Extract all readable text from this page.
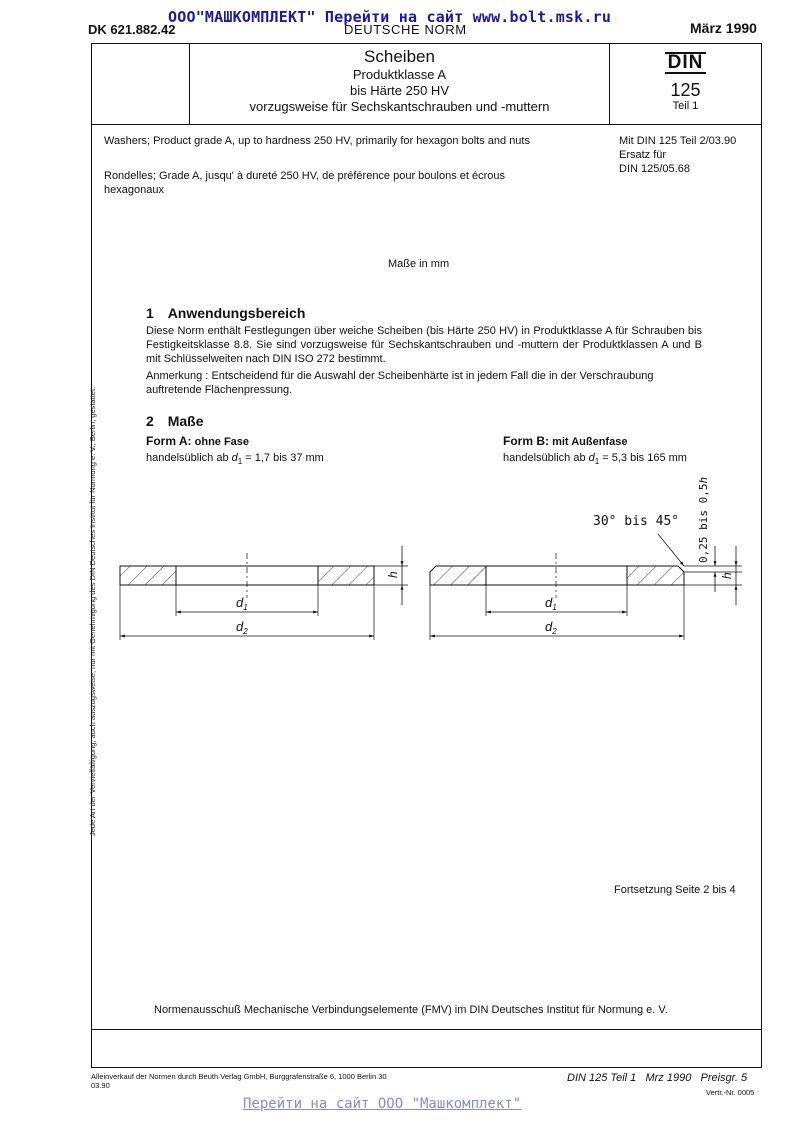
ООО"МАШКОМПЛЕКТ" Перейти на сайт www.bolt.msk.ru
DK 621.882.42	DEUTSCHE NORM	März 1990
Scheiben
Produktklasse A
bis Härte 250 HV
vorzugsweise für Sechskantschrauben und -muttern
DIN
125
Teil 1
Washers; Product grade A, up to hardness 250 HV, primarily for hexagon bolts and nuts
Rondelles; Grade A, jusqu' à dureté 250 HV, de préférence pour boulons et écrous hexagonaux
Mit DIN 125 Teil 2/03.90
Ersatz für
DIN 125/05.68
Maße in mm
1 Anwendungsbereich
Diese Norm enthält Festlegungen über weiche Scheiben (bis Härte 250 HV) in Produktklasse A für Schrauben bis Festigkeitsklasse 8.8. Sie sind vorzugsweise für Sechskantschrauben und -muttern der Produktklassen A und B mit Schlüsselweiten nach DIN ISO 272 bestimmt.
Anmerkung : Entscheidend für die Auswahl der Scheibenhärte ist in jedem Fall die in der Verschraubung auftretende Flächenpressung.
2 Maße
Form A: ohne Fase
handelsüblich ab $d_1 = 1,7$ bis 37 mm
Form B: mit Außenfase
handelsüblich ab $d_1 = 5,3$ bis 165 mm
$d_1$
$d_2$
h
$d_1$
$d_2$
h
30° bis 45° 0,25 bis 0,5h
Fortsetzung Seite 2 bis 4
Normenausschuß Mechanische Verbindungselemente (FMV) im DIN Deutsches Institut für Normung e. V.
Jede Art der Vervielfältigung, auch auszugsweise, nur mit Genehmigung des DIN Deutsches Institut für Normung e. V., Berlin, gestattet.
Alleinverkauf der Normen durch Beuth Verlag GmbH, Burggrafenstraße 6, 1000 Berlin 30
03.90
DIN 125 Teil 1   Mrz 1990   Preisgr. 5
Vertr.-Nr. 0005
Перейти на сайт ООО "Машкомплект"
